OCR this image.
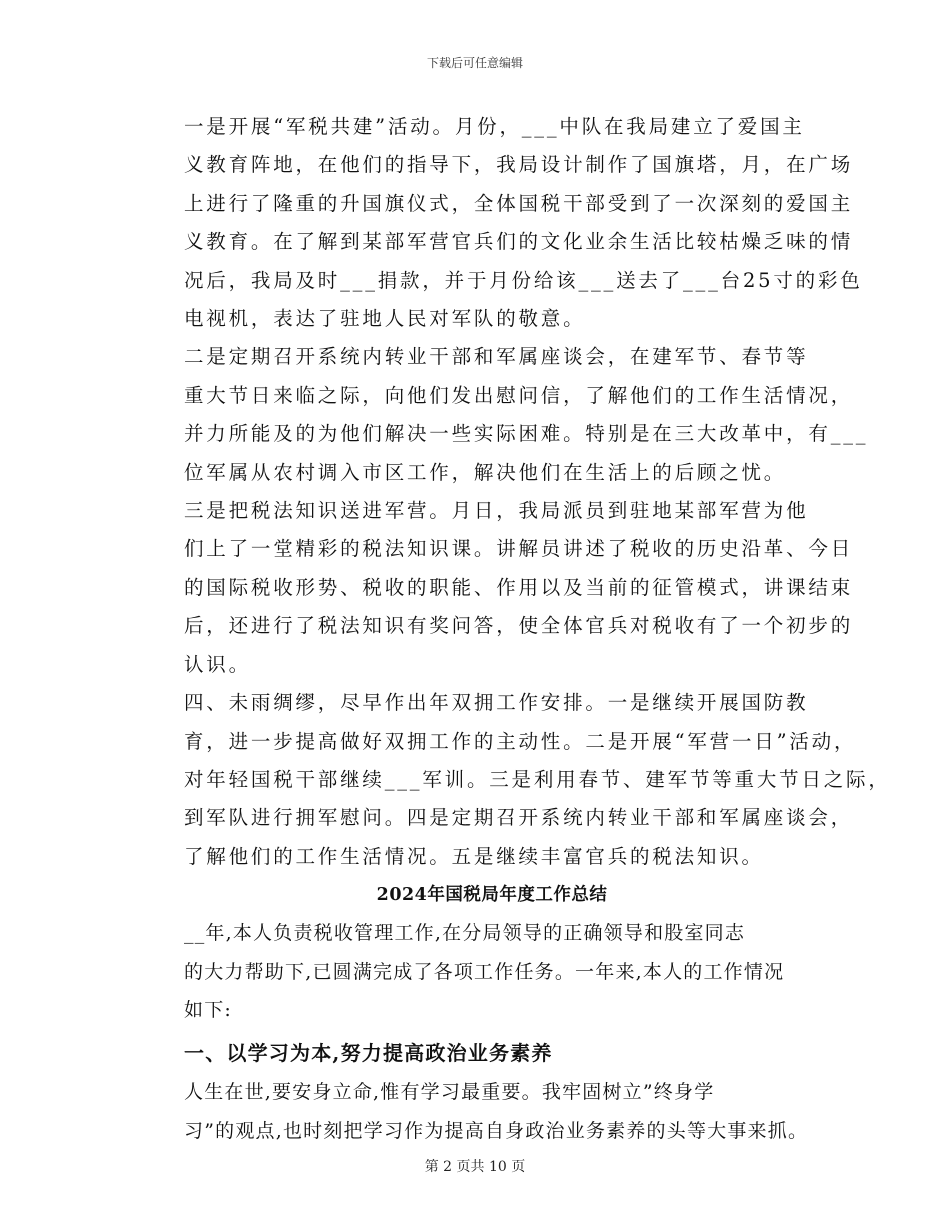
下载后可任意编辑
一是开展“军税共建”活动。月份，___中队在我局建立了爱国主
义教育阵地，在他们的指导下，我局设计制作了国旗塔，月，在广场
上进行了隆重的升国旗仪式，全体国税干部受到了一次深刻的爱国主
义教育。在了解到某部军营官兵们的文化业余生活比较枯燥乏味的情
况后，我局及时___捐款，并于月份给该___送去了___台25寸的彩色
电视机，表达了驻地人民对军队的敬意。
二是定期召开系统内转业干部和军属座谈会，在建军节、春节等
重大节日来临之际，向他们发出慰问信，了解他们的工作生活情况，
并力所能及的为他们解决一些实际困难。特别是在三大改革中，有___
位军属从农村调入市区工作，解决他们在生活上的后顾之忧。
三是把税法知识送进军营。月日，我局派员到驻地某部军营为他
们上了一堂精彩的税法知识课。讲解员讲述了税收的历史沿革、今日
的国际税收形势、税收的职能、作用以及当前的征管模式，讲课结束
后，还进行了税法知识有奖问答，使全体官兵对税收有了一个初步的
认识。
四、未雨绸缪，尽早作出年双拥工作安排。一是继续开展国防教
育，进一步提高做好双拥工作的主动性。二是开展“军营一日”活动，
对年轻国税干部继续___军训。三是利用春节、建军节等重大节日之际，
到军队进行拥军慰问。四是定期召开系统内转业干部和军属座谈会，
了解他们的工作生活情况。五是继续丰富官兵的税法知识。
2024年国税局年度工作总结
__年,本人负责税收管理工作,在分局领导的正确领导和股室同志
的大力帮助下,已圆满完成了各项工作任务。一年来,本人的工作情况
如下:
一、以学习为本,努力提高政治业务素养
人生在世,要安身立命,惟有学习最重要。我牢固树立”终身学
习”的观点,也时刻把学习作为提高自身政治业务素养的头等大事来抓。
第 2 页共 10 页
